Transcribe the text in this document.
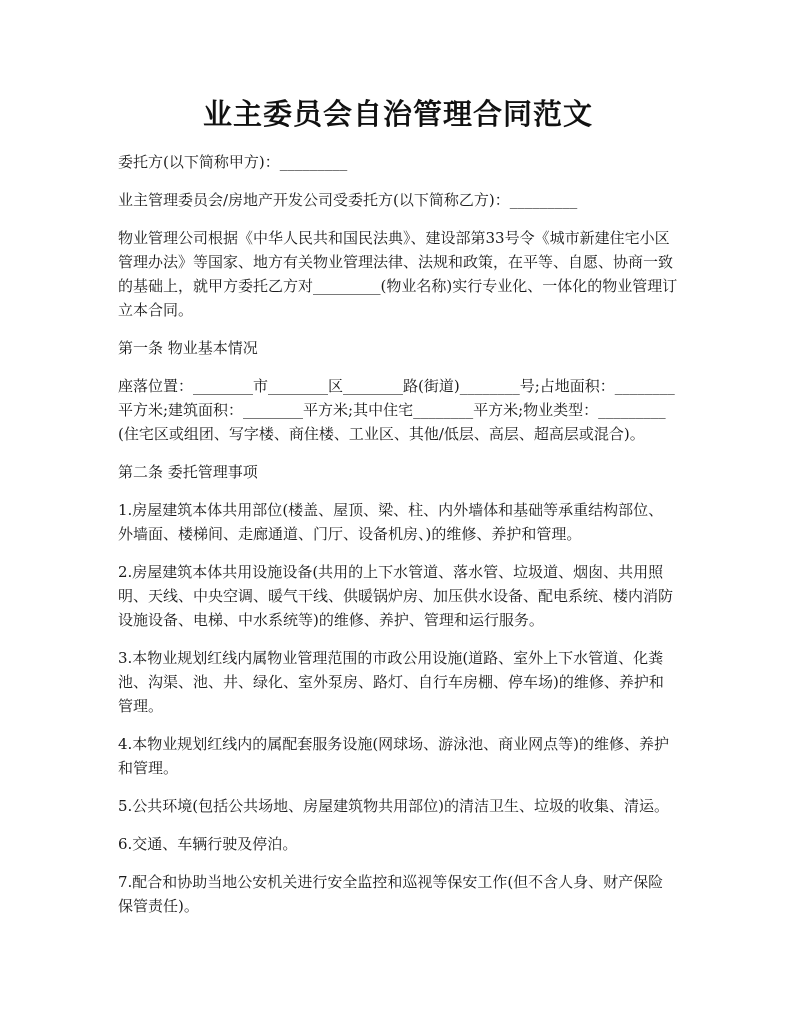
业主委员会自治管理合同范文

委托方(以下简称甲方)：_________

业主管理委员会/房地产开发公司受委托方(以下简称乙方)：_________

物业管理公司根据《中华人民共和国民法典》、建设部第33号令《城市新建住宅小区管理办法》等国家、地方有关物业管理法律、法规和政策，在平等、自愿、协商一致的基础上，就甲方委托乙方对_________(物业名称)实行专业化、一体化的物业管理订立本合同。

第一条 物业基本情况

座落位置：________市________区________路(街道)________号;占地面积：________平方米;建筑面积：________平方米;其中住宅________平方米;物业类型：_________(住宅区或组团、写字楼、商住楼、工业区、其他/低层、高层、超高层或混合)。

第二条 委托管理事项

1.房屋建筑本体共用部位(楼盖、屋顶、梁、柱、内外墙体和基础等承重结构部位、外墙面、楼梯间、走廊通道、门厅、设备机房、)的维修、养护和管理。

2.房屋建筑本体共用设施设备(共用的上下水管道、落水管、垃圾道、烟囱、共用照明、天线、中央空调、暖气干线、供暖锅炉房、加压供水设备、配电系统、楼内消防设施设备、电梯、中水系统等)的维修、养护、管理和运行服务。

3.本物业规划红线内属物业管理范围的市政公用设施(道路、室外上下水管道、化粪池、沟渠、池、井、绿化、室外泵房、路灯、自行车房棚、停车场)的维修、养护和管理。

4.本物业规划红线内的属配套服务设施(网球场、游泳池、商业网点等)的维修、养护和管理。

5.公共环境(包括公共场地、房屋建筑物共用部位)的清洁卫生、垃圾的收集、清运。

6.交通、车辆行驶及停泊。

7.配合和协助当地公安机关进行安全监控和巡视等保安工作(但不含人身、财产保险保管责任)。
